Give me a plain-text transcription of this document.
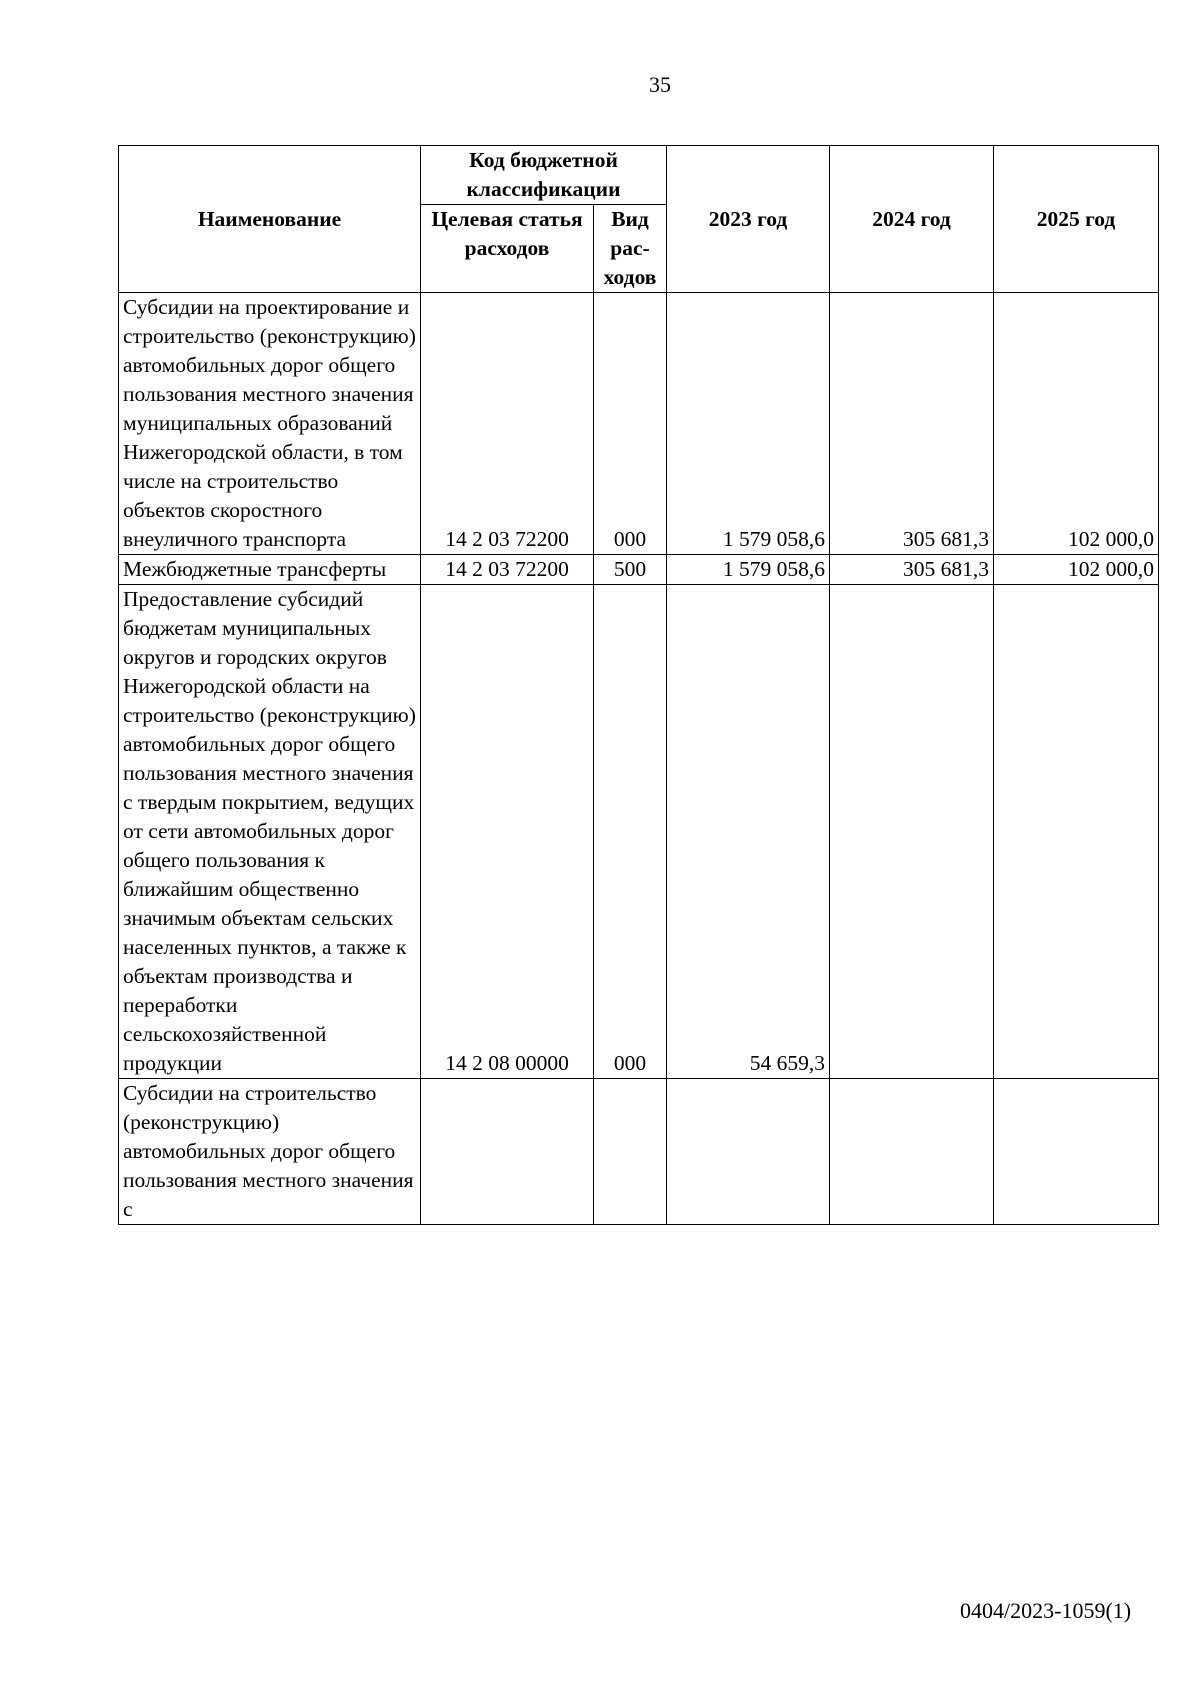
35
Наименование	Код бюджетной классификации		2023 год	2024 год	2025 год
	Целевая статья расходов	Вид рас-ходов			
Субсидии на проектирование и строительство (реконструкцию) автомобильных дорог общего пользования местного значения муниципальных образований Нижегородской области, в том числе на строительство объектов скоростного внеуличного транспорта	14 2 03 72200	000	1 579 058,6	305 681,3	102 000,0
Межбюджетные трансферты	14 2 03 72200	500	1 579 058,6	305 681,3	102 000,0
Предоставление субсидий бюджетам муниципальных округов и городских округов Нижегородской области на строительство (реконструкцию) автомобильных дорог общего пользования местного значения с твердым покрытием, ведущих от сети автомобильных дорог общего пользования к ближайшим общественно значимым объектам сельских населенных пунктов, а также к объектам производства и переработки сельскохозяйственной продукции	14 2 08 00000	000	54 659,3		
Субсидии на строительство (реконструкцию) автомобильных дорог общего пользования местного значения с					
0404/2023-1059(1)
